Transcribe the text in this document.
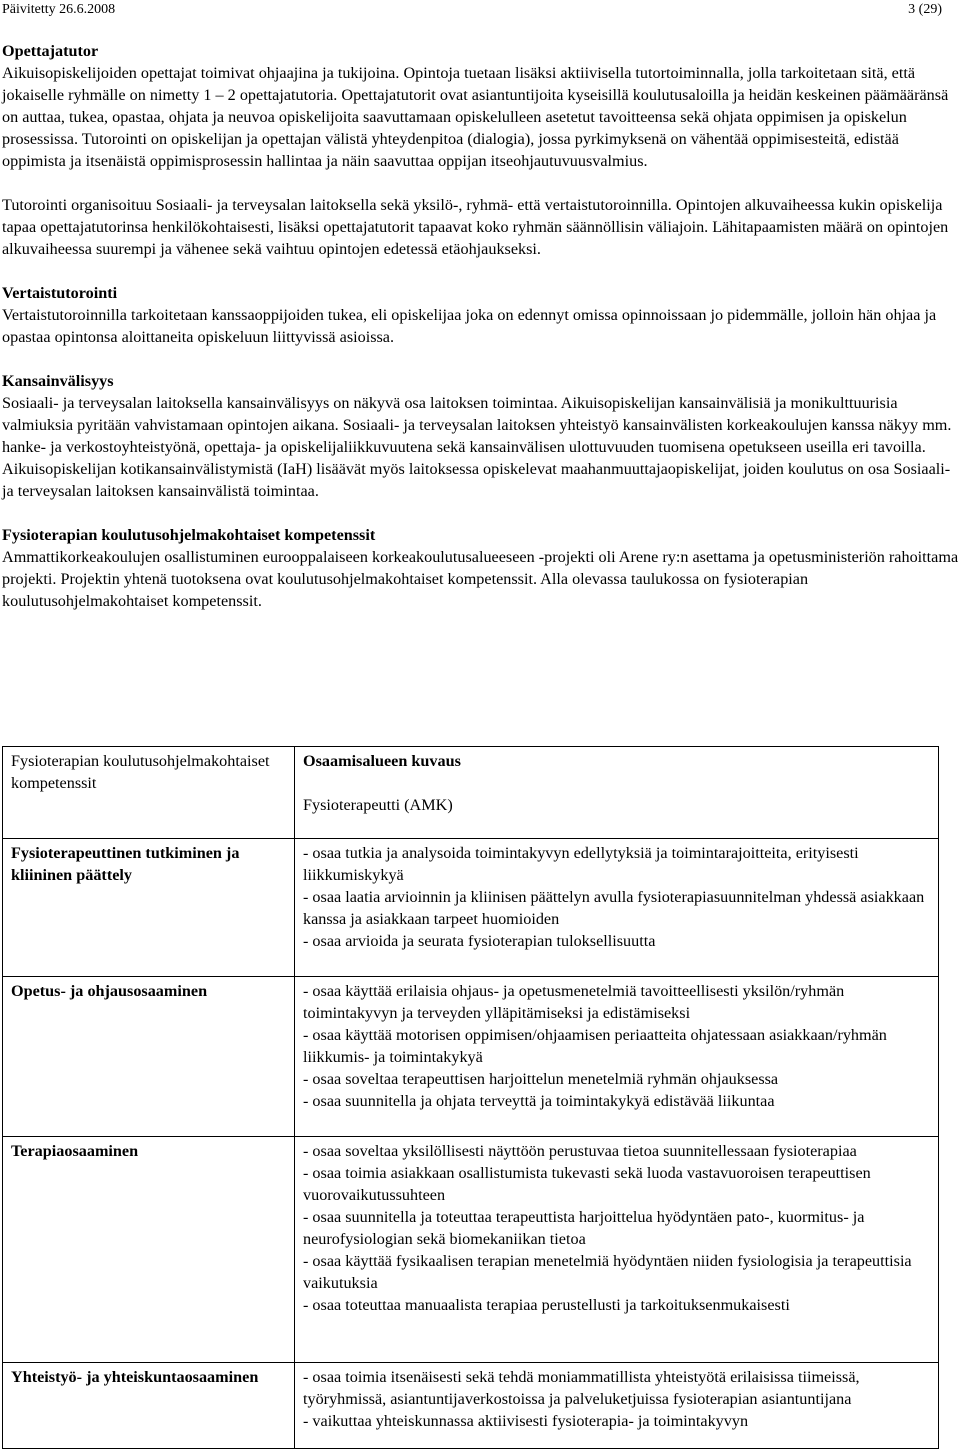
Päivitetty 26.6.2008	3 (29)
Opettajatutor
Aikuisopiskelijoiden opettajat toimivat ohjaajina ja tukijoina. Opintoja tuetaan lisäksi aktiivisella tutortoiminnalla, jolla tarkoitetaan sitä, että jokaiselle ryhmälle on nimetty 1 – 2 opettajatutoria. Opettajatutorit ovat asiantuntijoita kyseisillä koulutusaloilla ja heidän keskeinen päämääränsä on auttaa, tukea, opastaa, ohjata ja neuvoa opiskelijoita saavuttamaan opiskelulleen asetetut tavoitteensa sekä ohjata oppimisen ja opiskelun prosessissa. Tutorointi on opiskelijan ja opettajan välistä yhteydenpitoa (dialogia), jossa pyrkimyksenä on vähentää oppimisesteitä, edistää oppimista ja itsenäistä oppimisprosessin hallintaa ja näin saavuttaa oppijan itseohjautuvuusvalmius.
Tutorointi organisoituu Sosiaali- ja terveysalan laitoksella sekä yksilö-, ryhmä- että vertaistutoroinnilla. Opintojen alkuvaiheessa kukin opiskelija tapaa opettajatutorinsa henkilökohtaisesti, lisäksi opettajatutorit tapaavat koko ryhmän säännöllisin väliajoin. Lähitapaamisten määrä on opintojen alkuvaiheessa suurempi ja vähenee sekä vaihtuu opintojen edetessä etäohjaukseksi.
Vertaistutorointi
Vertaistutoroinnilla tarkoitetaan kanssaoppijoiden tukea, eli opiskelijaa joka on edennyt omissa opinnoissaan jo pidemmälle, jolloin hän ohjaa ja opastaa opintonsa aloittaneita opiskeluun liittyvissä asioissa.
Kansainvälisyys
Sosiaali- ja terveysalan laitoksella kansainvälisyys on näkyvä osa laitoksen toimintaa. Aikuisopiskelijan kansainvälisiä ja monikulttuurisia valmiuksia pyritään vahvistamaan opintojen aikana. Sosiaali- ja terveysalan laitoksen yhteistyö kansainvälisten korkeakoulujen kanssa näkyy mm. hanke- ja verkostoyhteistyönä, opettaja- ja opiskelijaliikkuvuutena sekä kansainvälisen ulottuvuuden tuomisena opetukseen useilla eri tavoilla. Aikuisopiskelijan kotikansainvälistymistä (IaH) lisäävät myös laitoksessa opiskelevat maahanmuuttajaopiskelijat, joiden koulutus on osa Sosiaali- ja terveysalan laitoksen kansainvälistä toimintaa.
Fysioterapian koulutusohjelmakohtaiset kompetenssit
Ammattikorkeakoulujen osallistuminen eurooppalaiseen korkeakoulutusalueeseen -projekti oli Arene ry:n asettama ja opetusministeriön rahoittama projekti. Projektin yhtenä tuotoksena ovat koulutusohjelmakohtaiset kompetenssit. Alla olevassa taulukossa on fysioterapian koulutusohjelmakohtaiset kompetenssit.
Fysioterapian koulutusohjelmakohtaiset kompetenssit	Osaamisalueen kuvaus
Fysioterapeutti (AMK)

Fysioterapeuttinen tutkiminen ja kliininen päättely	- osaa tutkia ja analysoida toimintakyvyn edellytyksiä ja toimintarajoitteita, erityisesti liikkumiskykyä
- osaa laatia arvioinnin ja kliinisen päättelyn avulla fysioterapiasuunnitelman yhdessä asiakkaan kanssa ja asiakkaan tarpeet huomioiden
- osaa arvioida ja seurata fysioterapian tuloksellisuutta

Opetus- ja ohjausosaaminen	- osaa käyttää erilaisia ohjaus- ja opetusmenetelmiä tavoitteellisesti yksilön/ryhmän toimintakyvyn ja terveyden ylläpitämiseksi ja edistämiseksi
- osaa käyttää motorisen oppimisen/ohjaamisen periaatteita ohjatessaan asiakkaan/ryhmän liikkumis- ja toimintakykyä
- osaa soveltaa terapeuttisen harjoittelun menetelmiä ryhmän ohjauksessa
- osaa suunnitella ja ohjata terveyttä ja toimintakykyä edistävää liikuntaa

Terapiaosaaminen	- osaa soveltaa yksilöllisesti näyttöön perustuvaa tietoa suunnitellessaan fysioterapiaa
- osaa toimia asiakkaan osallistumista tukevasti sekä luoda vastavuoroisen terapeuttisen vuorovaikutussuhteen
- osaa suunnitella ja toteuttaa terapeuttista harjoittelua hyödyntäen pato-, kuormitus- ja neurofysiologian sekä biomekaniikan tietoa
- osaa käyttää fysikaalisen terapian menetelmiä hyödyntäen niiden fysiologisia ja terapeuttisia vaikutuksia
- osaa toteuttaa manuaalista terapiaa perustellusti ja tarkoituksenmukaisesti

Yhteistyö- ja yhteiskuntaosaaminen	- osaa toimia itsenäisesti sekä tehdä moniammatillista yhteistyötä erilaisissa tiimeissä, työryhmissä, asiantuntijaverkostoissa ja palveluketjuissa fysioterapian asiantuntijana
- vaikuttaa yhteiskunnassa aktiivisesti fysioterapia- ja toimintakyvyn
